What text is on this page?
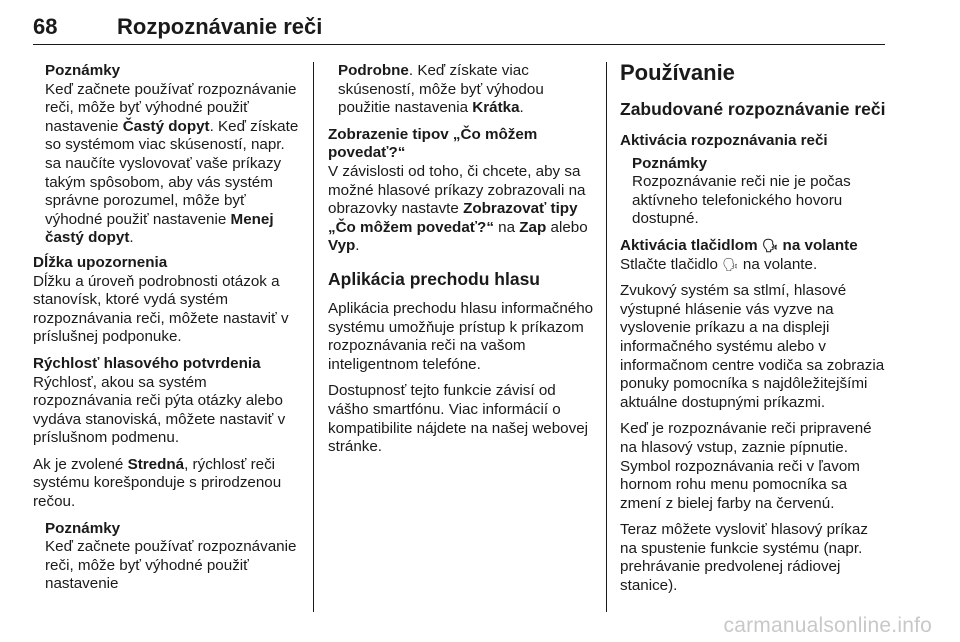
68	Rozpoznávanie reči
Poznámky
Keď začnete používať rozpoznávanie reči, môže byť výhodné použiť nastavenie Častý dopyt. Keď získate so systémom viac skúseností, napr. sa naučíte vyslovovať vaše príkazy takým spôsobom, aby vás systém správne porozumel, môže byť výhodné použiť nastavenie Menej častý dopyt.
Dĺžka upozornenia
Dĺžku a úroveň podrobnosti otázok a stanovísk, ktoré vydá systém rozpoznávania reči, môžete nastaviť v príslušnej podponuke.
Rýchlosť hlasového potvrdenia
Rýchlosť, akou sa systém rozpoznávania reči pýta otázky alebo vydáva stanoviská, môžete nastaviť v príslušnom podmenu.

Ak je zvolené Stredná, rýchlosť reči systému korešponduje s prirodzenou rečou.

Poznámky
Keď začnete používať rozpoznávanie reči, môže byť výhodné použiť nastavenie
Podrobne. Keď získate viac skúseností, môže byť výhodou použitie nastavenia Krátka.
Zobrazenie tipov „Čo môžem povedať?“
V závislosti od toho, či chcete, aby sa možné hlasové príkazy zobrazovali na obrazovky nastavte Zobrazovať tipy „Čo môžem povedať?“ na Zap alebo Vyp.
Aplikácia prechodu hlasu

Aplikácia prechodu hlasu informačného systému umožňuje prístup k príkazom rozpoznávania reči na vašom inteligentnom telefóne.

Dostupnosť tejto funkcie závisí od vášho smartfónu. Viac informácií o kompatibilite nájdete na našej webovej stránke.

Používanie
Zabudované rozpoznávanie reči
Aktivácia rozpoznávania reči
Poznámky
Rozpoznávanie reči nie je počas aktívneho telefonického hovoru dostupné.
Aktivácia tlačidlom 🗣︎ na volante
Stlačte tlačidlo 🗣︎ na volante.

Zvukový systém sa stlmí, hlasové výstupné hlásenie vás vyzve na vyslovenie príkazu a na displeji informačného systému alebo v informačnom centre vodiča sa zobrazia ponuky pomocníka s najdôležitejšími aktuálne dostupnými príkazmi.

Keď je rozpoznávanie reči pripravené na hlasový vstup, zaznie pípnutie. Symbol rozpoznávania reči v ľavom hornom rohu menu pomocníka sa zmení z bielej farby na červenú.

Teraz môžete vysloviť hlasový príkaz na spustenie funkcie systému (napr. prehrávanie predvolenej rádiovej stanice).

carmanualsonline.info
